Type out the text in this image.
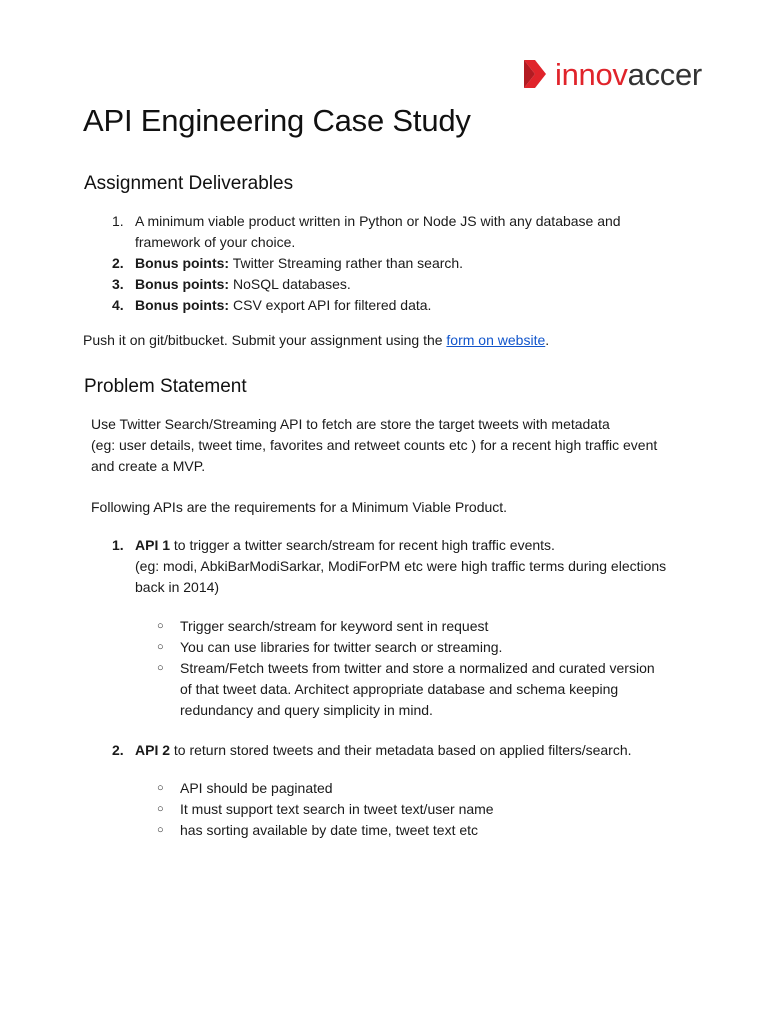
innovaccer
API Engineering Case Study
Assignment Deliverables
1. A minimum viable product written in Python or Node JS with any database and
framework of your choice.
2. Bonus points: Twitter Streaming rather than search.
3. Bonus points: NoSQL databases.
4. Bonus points: CSV export API for filtered data.

Push it on git/bitbucket. Submit your assignment using the form on website.

Problem Statement

Use Twitter Search/Streaming API to fetch are store the target tweets with metadata
(eg: user details, tweet time, favorites and retweet counts etc ) for a recent high traffic event
and create a MVP.

Following APIs are the requirements for a Minimum Viable Product.

1. API 1 to trigger a twitter search/stream for recent high traffic events.
(eg: modi, AbkiBarModiSarkar, ModiForPM etc were high traffic terms during elections
back in 2014)
○ Trigger search/stream for keyword sent in request
○ You can use libraries for twitter search or streaming.
○ Stream/Fetch tweets from twitter and store a normalized and curated version
of that tweet data. Architect appropriate database and schema keeping
redundancy and query simplicity in mind.
2. API 2 to return stored tweets and their metadata based on applied filters/search.
○ API should be paginated
○ It must support text search in tweet text/user name
○ has sorting available by date time, tweet text etc
